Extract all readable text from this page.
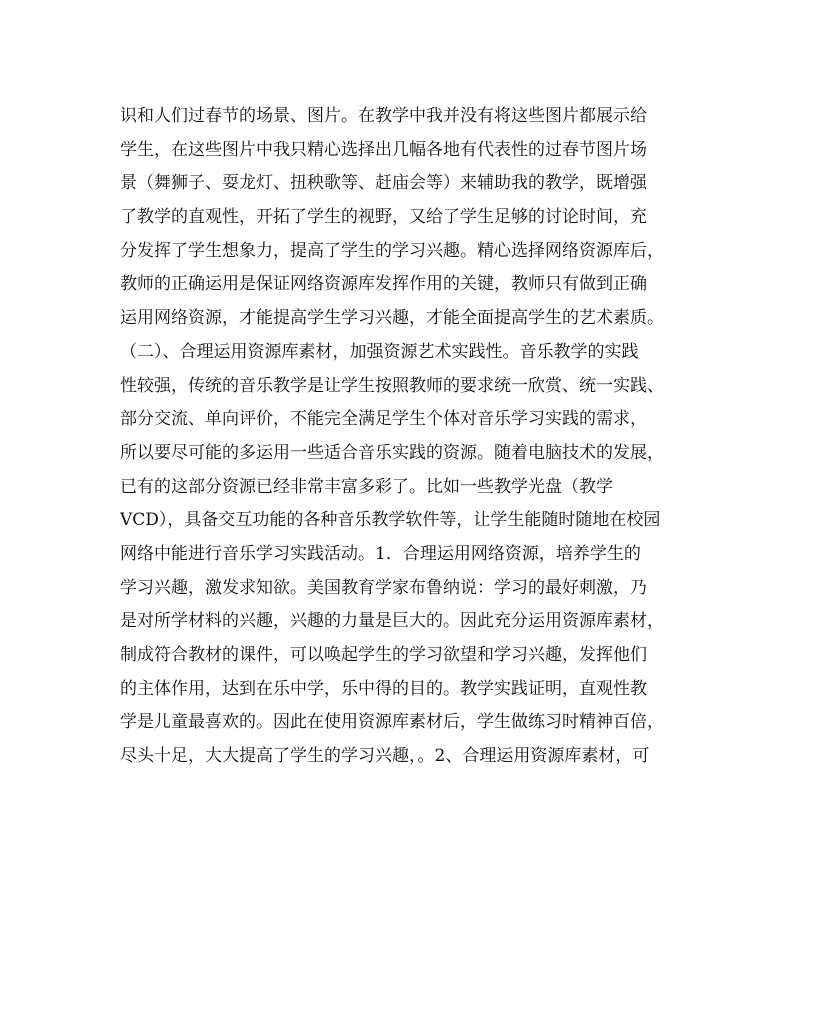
识和人们过春节的场景、图片。在教学中我并没有将这些图片都展示给
学生，在这些图片中我只精心选择出几幅各地有代表性的过春节图片场
景（舞狮子、耍龙灯、扭秧歌等、赶庙会等）来辅助我的教学，既增强
了教学的直观性，开拓了学生的视野，又给了学生足够的讨论时间，充
分发挥了学生想象力，提高了学生的学习兴趣。精心选择网络资源库后，
教师的正确运用是保证网络资源库发挥作用的关键，教师只有做到正确
运用网络资源，才能提高学生学习兴趣，才能全面提高学生的艺术素质。
（二）、合理运用资源库素材，加强资源艺术实践性。音乐教学的实践
性较强，传统的音乐教学是让学生按照教师的要求统一欣赏、统一实践、
部分交流、单向评价，不能完全满足学生个体对音乐学习实践的需求，
所以要尽可能的多运用一些适合音乐实践的资源。随着电脑技术的发展，
已有的这部分资源已经非常丰富多彩了。比如一些教学光盘（教学
VCD），具备交互功能的各种音乐教学软件等，让学生能随时随地在校园
网络中能进行音乐学习实践活动。1．合理运用网络资源，培养学生的
学习兴趣，激发求知欲。美国教育学家布鲁纳说：学习的最好刺激，乃
是对所学材料的兴趣，兴趣的力量是巨大的。因此充分运用资源库素材，
制成符合教材的课件，可以唤起学生的学习欲望和学习兴趣，发挥他们
的主体作用，达到在乐中学，乐中得的目的。教学实践证明，直观性教
学是儿童最喜欢的。因此在使用资源库素材后，学生做练习时精神百倍，
尽头十足，大大提高了学生的学习兴趣，。2、合理运用资源库素材，可
